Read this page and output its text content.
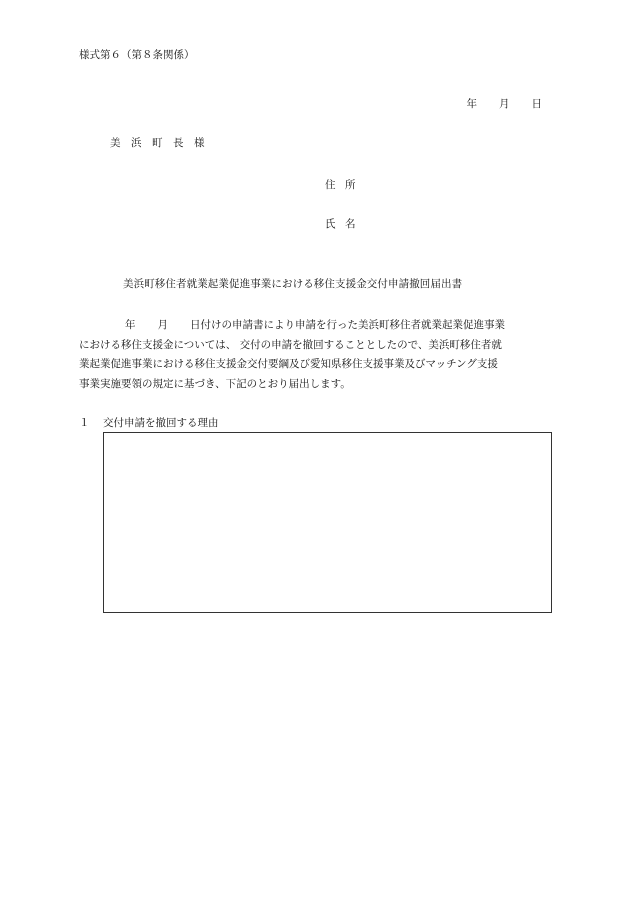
様式第６（第８条関係）
年 月 日
美　浜　町　長　様
住 所
氏 名
美浜町移住者就業起業促進事業における移住支援金交付申請撤回届出書
年 月 日付けの申請書により申請を行った美浜町移住者就業起業促進事業
における移住支援金については、 交付の申請を撤回することとしたので、美浜町移住者就
業起業促進事業における移住支援金交付要綱及び愛知県移住支援事業及びマッチング支援
事業実施要領の規定に基づき、下記のとおり届出します。
１ 交付申請を撤回する理由
